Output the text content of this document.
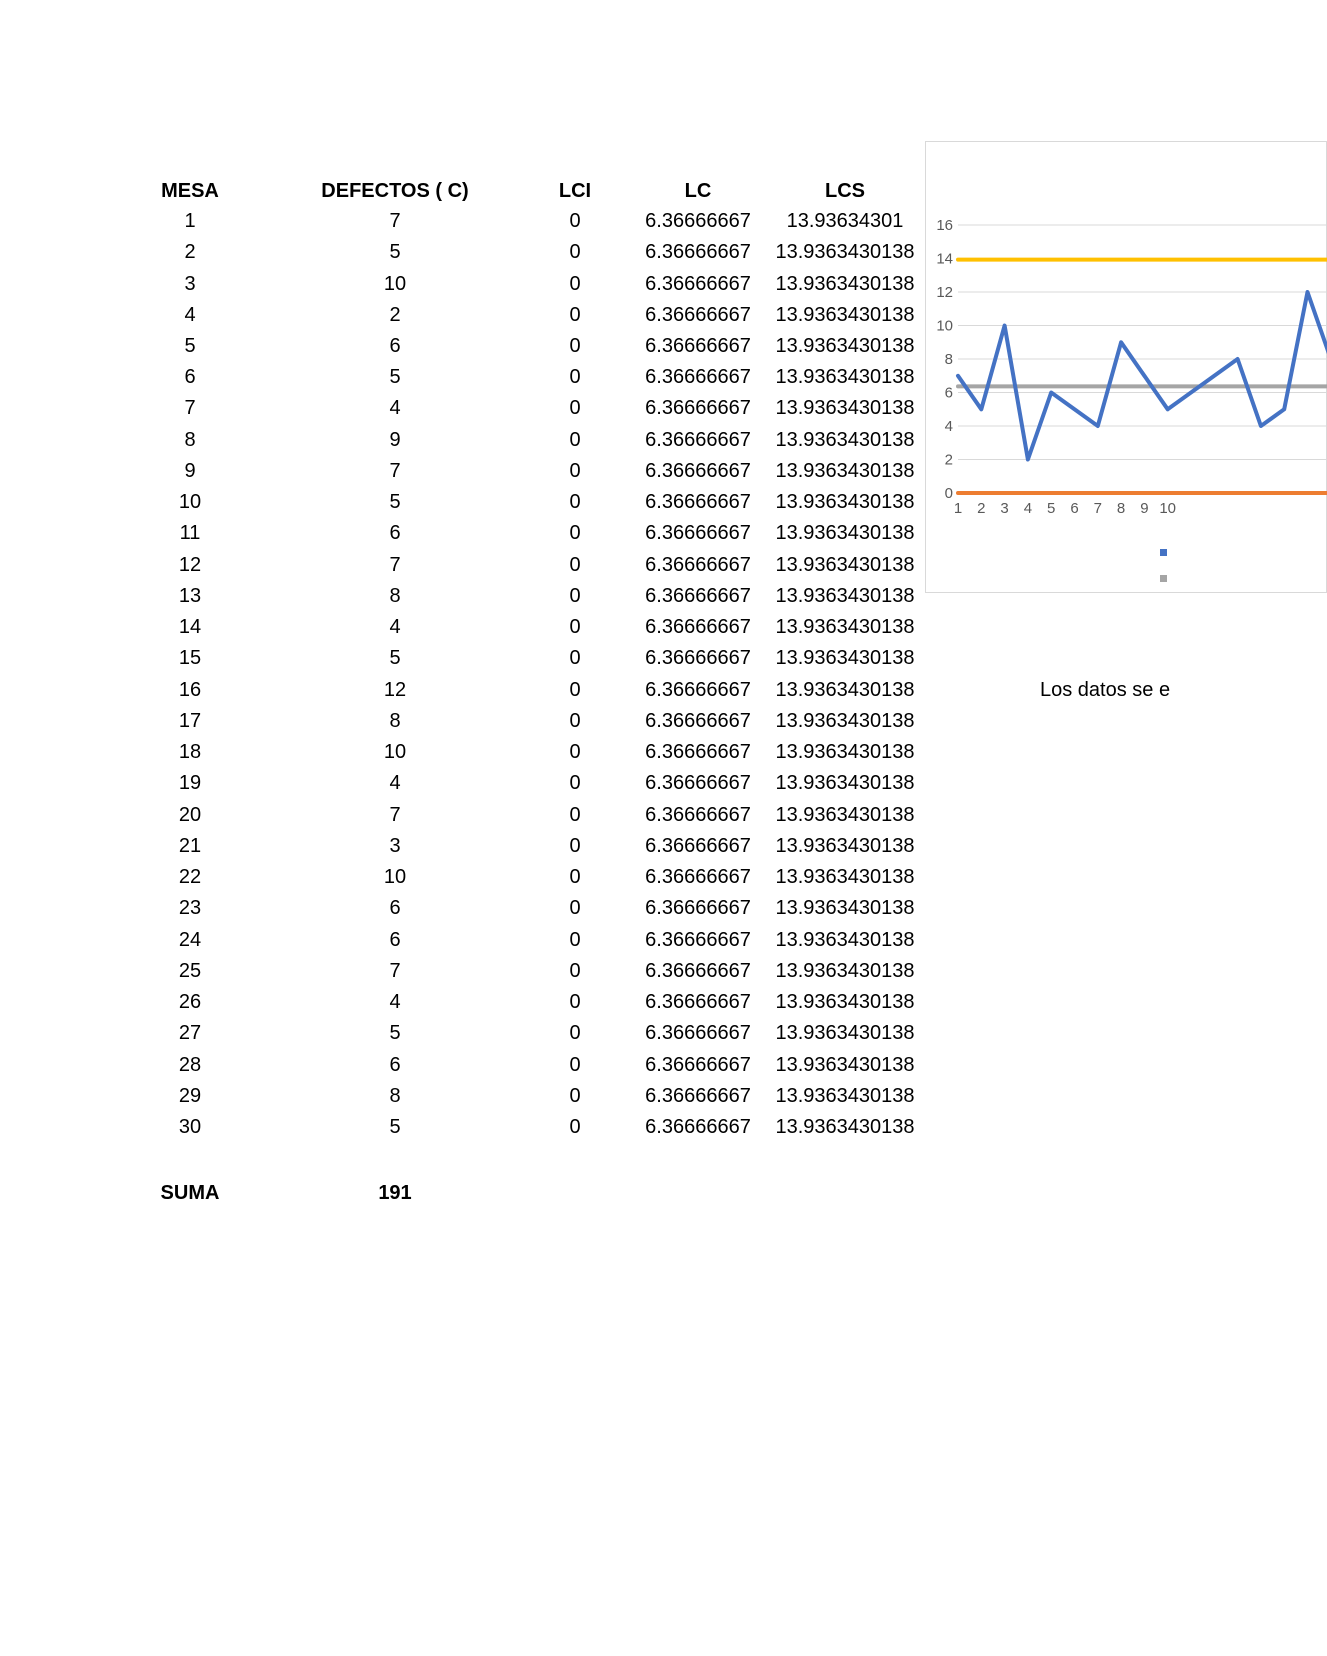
MESA	DEFECTOS ( C)	LCI	LC	LCS
1	7	0	6.36666667	13.93634301
2	5	0	6.36666667	13.9363430138
3	10	0	6.36666667	13.9363430138
4	2	0	6.36666667	13.9363430138
5	6	0	6.36666667	13.9363430138
6	5	0	6.36666667	13.9363430138
7	4	0	6.36666667	13.9363430138
8	9	0	6.36666667	13.9363430138
9	7	0	6.36666667	13.9363430138
10	5	0	6.36666667	13.9363430138
11	6	0	6.36666667	13.9363430138
12	7	0	6.36666667	13.9363430138
13	8	0	6.36666667	13.9363430138
14	4	0	6.36666667	13.9363430138
15	5	0	6.36666667	13.9363430138
16	12	0	6.36666667	13.9363430138
17	8	0	6.36666667	13.9363430138
18	10	0	6.36666667	13.9363430138
19	4	0	6.36666667	13.9363430138
20	7	0	6.36666667	13.9363430138
21	3	0	6.36666667	13.9363430138
22	10	0	6.36666667	13.9363430138
23	6	0	6.36666667	13.9363430138
24	6	0	6.36666667	13.9363430138
25	7	0	6.36666667	13.9363430138
26	4	0	6.36666667	13.9363430138
27	5	0	6.36666667	13.9363430138
28	6	0	6.36666667	13.9363430138
29	8	0	6.36666667	13.9363430138
30	5	0	6.36666667	13.9363430138
SUMA	191
0
2
4
6
8
10
12
14
16
1 2 3 4 5 6 7 8 9 10
Los datos se e
